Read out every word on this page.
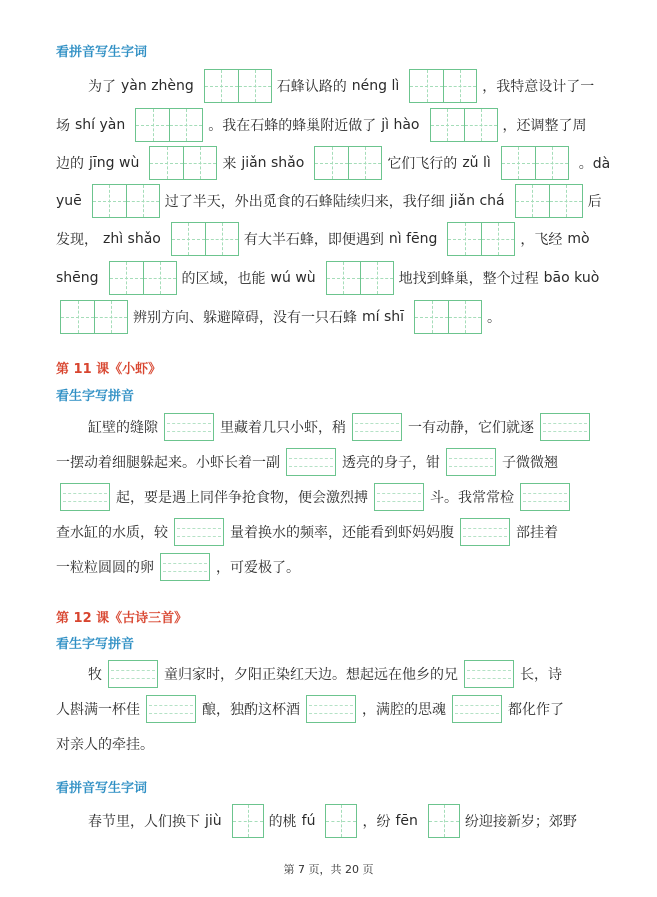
看拼音写生字词
为了 yàn zhèng	石蜂认路的 néng lì	，我特意设计了一
场 shí yàn	。我在石蜂的蜂巢附近做了 jì hào	，还调整了周
边的 jīng wù	来 jiǎn shǎo	它们飞行的 zǔ lì	。dà
yuē	过了半天，外出觅食的石蜂陆续归来，我仔细 jiǎn chá	后
发现， zhì shǎo	有大半石蜂，即便遇到 nì fēng	，飞经 mò
shēng	的区域，也能 wú wù	地找到蜂巢，整个过程 bāo kuò
辨别方向、躲避障碍，没有一只石蜂 mí shī	。
第 11 课《小虾》
看生字写拼音
缸壁的缝隙	里藏着几只小虾，稍	一有动静，它们就逐
一摆动着细腿躲起来。小虾长着一副	透亮的身子，钳	子微微翘
起，要是遇上同伴争抢食物，便会激烈搏	斗。我常常检
查水缸的水质，较	量着换水的频率，还能看到虾妈妈腹	部挂着
一粒粒圆圆的卵	，可爱极了。
第 12 课《古诗三首》
看生字写拼音
牧	童归家时，夕阳正染红天边。想起远在他乡的兄	长，诗
人斟满一杯佳	酿，独酌这杯酒	，满腔的思魂	都化作了
对亲人的牵挂。
看拼音写生字词
春节里，人们换下 jiù	的桃 fú	，纷 fēn	纷迎接新岁；郊野
第 7 页，共 20 页
